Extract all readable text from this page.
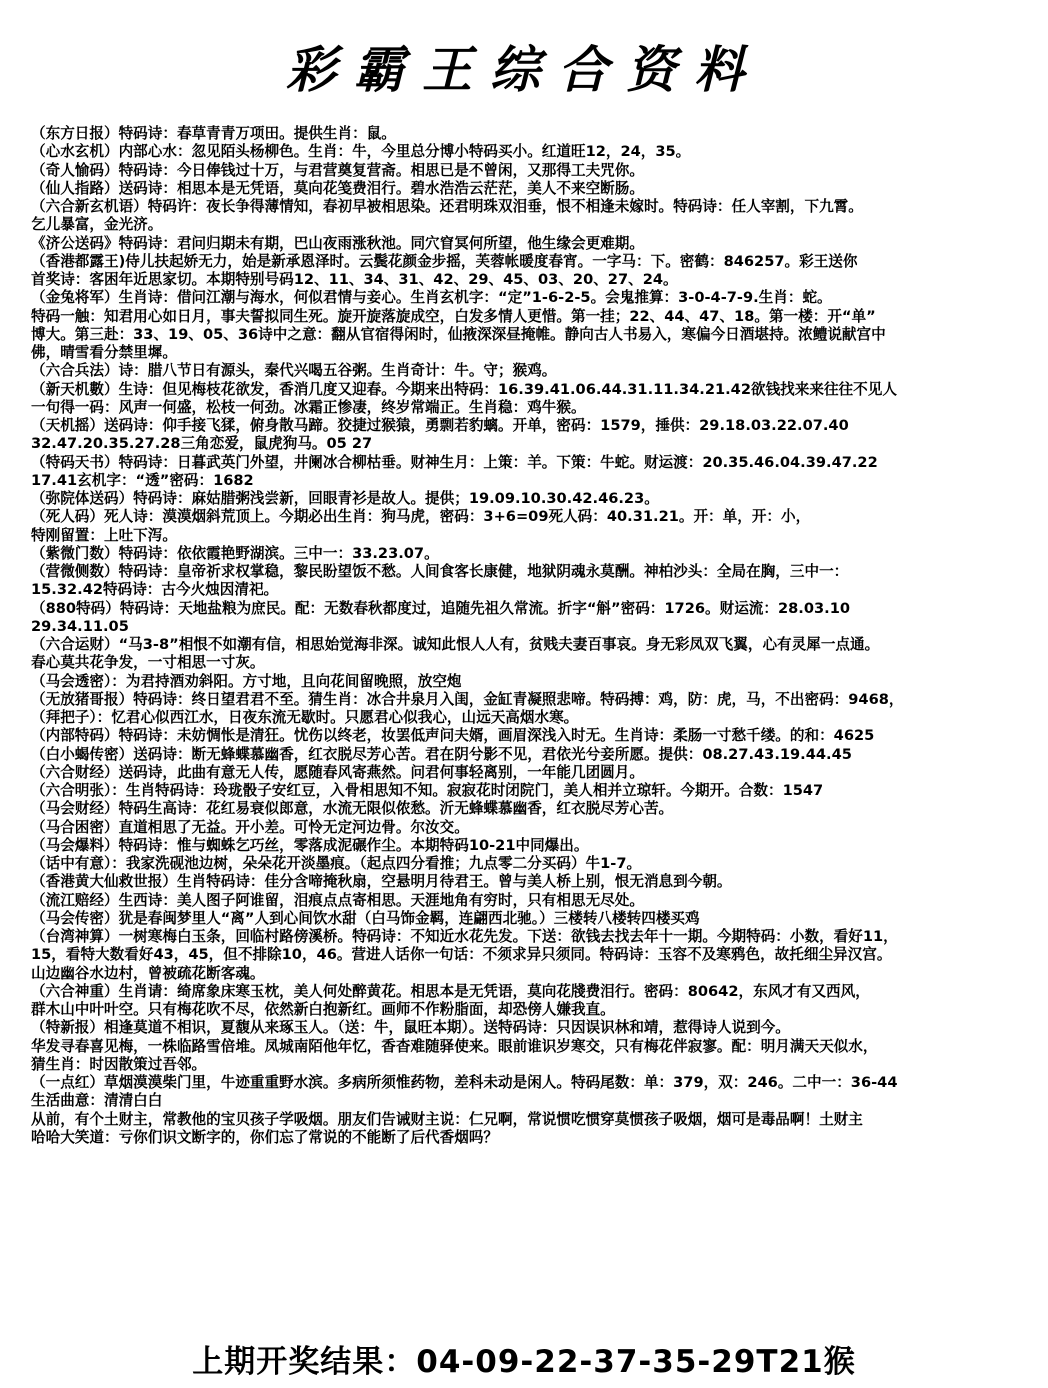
彩霸王综合资料
（东方日报）特码诗：春草青青万项田。提供生肖：鼠。
（心水玄机）内部心水：忽见陌头杨柳色。生肖：牛，今里总分博小特码买小。红道旺12，24，35。
（奇人愉码）特码诗：今日俸钱过十万，与君营奠复营斋。相思已是不曾闲，又那得工夫咒你。
（仙人指路）送码诗：相思本是无凭语，莫向花笺费泪行。碧水浩浩云茫茫，美人不来空断肠。
（六合新玄机语）特码许：夜长争得薄情知，春初早被相思染。还君明珠双泪垂，恨不相逢未嫁时。特码诗：任人宰割，下九霄。
乞儿暴富，金光济。
《济公送码》特码诗：君问归期未有期，巴山夜雨涨秋池。同穴窅冥何所望，他生缘会更难期。
（香港都露王)侍儿扶起娇无力，始是新承恩泽时。云鬓花颜金步摇，芙蓉帐暖度春宵。一字马：下。密鹤：846257。彩王送你
首奖诗：客困年近思家切。本期特别号码12、11、34、31、42、29、45、03、20、27、24。
（金兔将军）生肖诗：借问江潮与海水，何似君情与妾心。生肖玄机字：“定”1-6-2-5。会鬼推算：3-0-4-7-9.生肖：蛇。
特码一触：知君用心如日月，事夫誓拟同生死。旋开旋落旋成空，白发多情人更惜。第一挂；22、44、47、18。第一楼：开“单”
博大。第三赴：33、19、05、36诗中之意：翻从官宿得闲时，仙掖深深昼掩帷。静向古人书易入，寒偏今日酒堪持。浓鳢说献宫中
佛，晴雪看分禁里墀。
（六合兵法）诗：腊八节日有源头，秦代兴喝五谷粥。生肖奇计：牛。守；猴鸡。
（新天机數）生诗：但见梅枝花欲发，香消几度又迎春。今期来出特码：16.39.41.06.44.31.11.34.21.42欲钱找来来往往不见人
一句得一码：风声一何盛，松枝一何劲。冰霜正惨凄，终岁常端正。生肖稳：鸡牛猴。
（天机摇）送码诗：仰手接飞猱，俯身散马蹄。狡捷过猴猿，勇剽若豹螭。开单，密码：1579，捶供：29.18.03.22.07.40
32.47.20.35.27.28三角恋爱，鼠虎狗马。05 27
（特码天书）特码诗：日暮武英门外望，井阑冰合柳枯垂。财神生月：上策：羊。下策：牛蛇。财运渡：20.35.46.04.39.47.22
17.41玄机字：“透”密码：1682
（弥院体送码）特码诗：麻姑腊粥浅尝新，回眼青衫是故人。提供；19.09.10.30.42.46.23。
（死人码）死人诗：漠漠烟斜荒顶上。今期必出生肖：狗马虎，密码：3+6=09死人码：40.31.21。开：单，开：小，
特刚留置：上吐下泻。
（紫微门数）特码诗：依依霞艳野湖滨。三中一：33.23.07。
（营微侧数）特码诗：皇帝祈求权掌稳，黎民盼望饭不愁。人间食客长康健，地狱阴魂永莫酬。神柏沙头：全局在胸，三中一：
15.32.42特码诗：古今火烛因清祀。
（880特码）特码诗：天地盐粮为庶民。配：无数春秋都度过，追随先祖久常流。折字“斛”密码：1726。财运流：28.03.10
29.34.11.05
（六合运财）“马3-8”相恨不如潮有信，相思始觉海非深。诚知此恨人人有，贫贱夫妻百事哀。身无彩凤双飞翼，心有灵犀一点通。
春心莫共花争发，一寸相思一寸灰。
（马会透密）：为君持酒劝斜阳。方寸地，且向花间留晚照，放空炮
（无放猪哥报）特码诗：终日望君君不至。猜生肖：冰合井泉月入闺，金缸青凝照悲啼。特码搏：鸡，防：虎，马，不出密码：9468，
（拜把子）：忆君心似西江水，日夜东流无歇时。只愿君心似我心，山远天高烟水寒。
（内部特码）特码诗：未妨惆怅是清狂。忧伤以终老，妆罢低声问夫婿，画眉深浅入时无。生肖诗：柔肠一寸愁千缕。的和：4625
（白小蝎传密）送码诗：断无蜂蝶慕幽香，红衣脱尽芳心苦。君在阴兮影不见，君依光兮妾所愿。提供：08.27.43.19.44.45
（六合财经）送码诗，此曲有意无人传，愿随春风寄燕然。问君何事轻离别，一年能几团圆月。
（六合明张）：生肖特码诗：玲珑骰子安红豆，入骨相思知不知。寂寂花时闭院门，美人相并立琼轩。今期开。合数：1547
（马会财经）特码生高诗：花红易衰似郎意，水流无限似侬愁。沂无蜂蝶慕幽香，红衣脱尽芳心苦。
（马合困密）直道相思了无益。开小差。可怜无定河边骨。尔汝交。
（马会爆料）特码诗：惟与蜘蛛乞巧丝，零落成泥碾作尘。本期特码10-21中同爆出。
（话中有意）：我家洗砚池边树，朵朵花开淡墨痕。（起点四分看推；九点零二分买码）牛1-7。
（香港黄大仙救世报）生肖特码诗：佳分含啼掩秋扇，空悬明月待君王。曾与美人桥上别，恨无消息到今朝。
（流江赔经）生西诗：美人图子阿谁留，泪痕点点寄相思。天涯地角有穷时，只有相思无尽处。
（马会传密）犹是春闽梦里人“离”人到心间饮水甜（白马饰金羁，连翩西北驰。）三楼转八楼转四楼买鸡
（台湾神算）一树寒梅白玉条，回临村路傍溪桥。特码诗：不知近水花先发。下送：欲钱去找去年十一期。今期特码：小数，看好11，
15，看特大数看好43，45，但不排除10，46。营进人话你一句话：不须求异只须同。特码诗：玉容不及寒鸦色，故托细尘异汉宫。
山边幽谷水边村，曾被疏花断客魂。
（六合神重）生肖请：绮席象床寒玉枕，美人何处醉黄花。相思本是无凭语，莫向花牋费泪行。密码：80642，东风才有又西风，
群木山中叶叶空。只有梅花吹不尽，依然新白抱新红。画师不作粉脂面，却恐傍人嫌我直。
（特新报）相逢莫道不相识，夏馥从来琢玉人。（送：牛，鼠旺本期）。送特码诗：只因误识林和靖，惹得诗人说到今。
华发寻春喜见梅，一株临路雪倍堆。凤城南陌他年忆，香杳难随驿使来。眼前谁识岁寒交，只有梅花伴寂寥。配：明月满天天似水，
猜生肖：时因散策过吾邻。
（一点红）草烟漠漠柴门里，牛迹重重野水滨。多病所须惟药物，差科未动是闲人。特码尾数：单：379，双：246。二中一：36-44
生活曲意：清清白白
从前，有个土财主，常教他的宝贝孩子学吸烟。朋友们告诫财主说：仁兄啊，常说惯吃惯穿莫惯孩子吸烟，烟可是毒品啊！土财主
哈哈大笑道：亏你们识文断字的，你们忘了常说的不能断了后代香烟吗？
上期开奖结果：04-09-22-37-35-29T21猴
